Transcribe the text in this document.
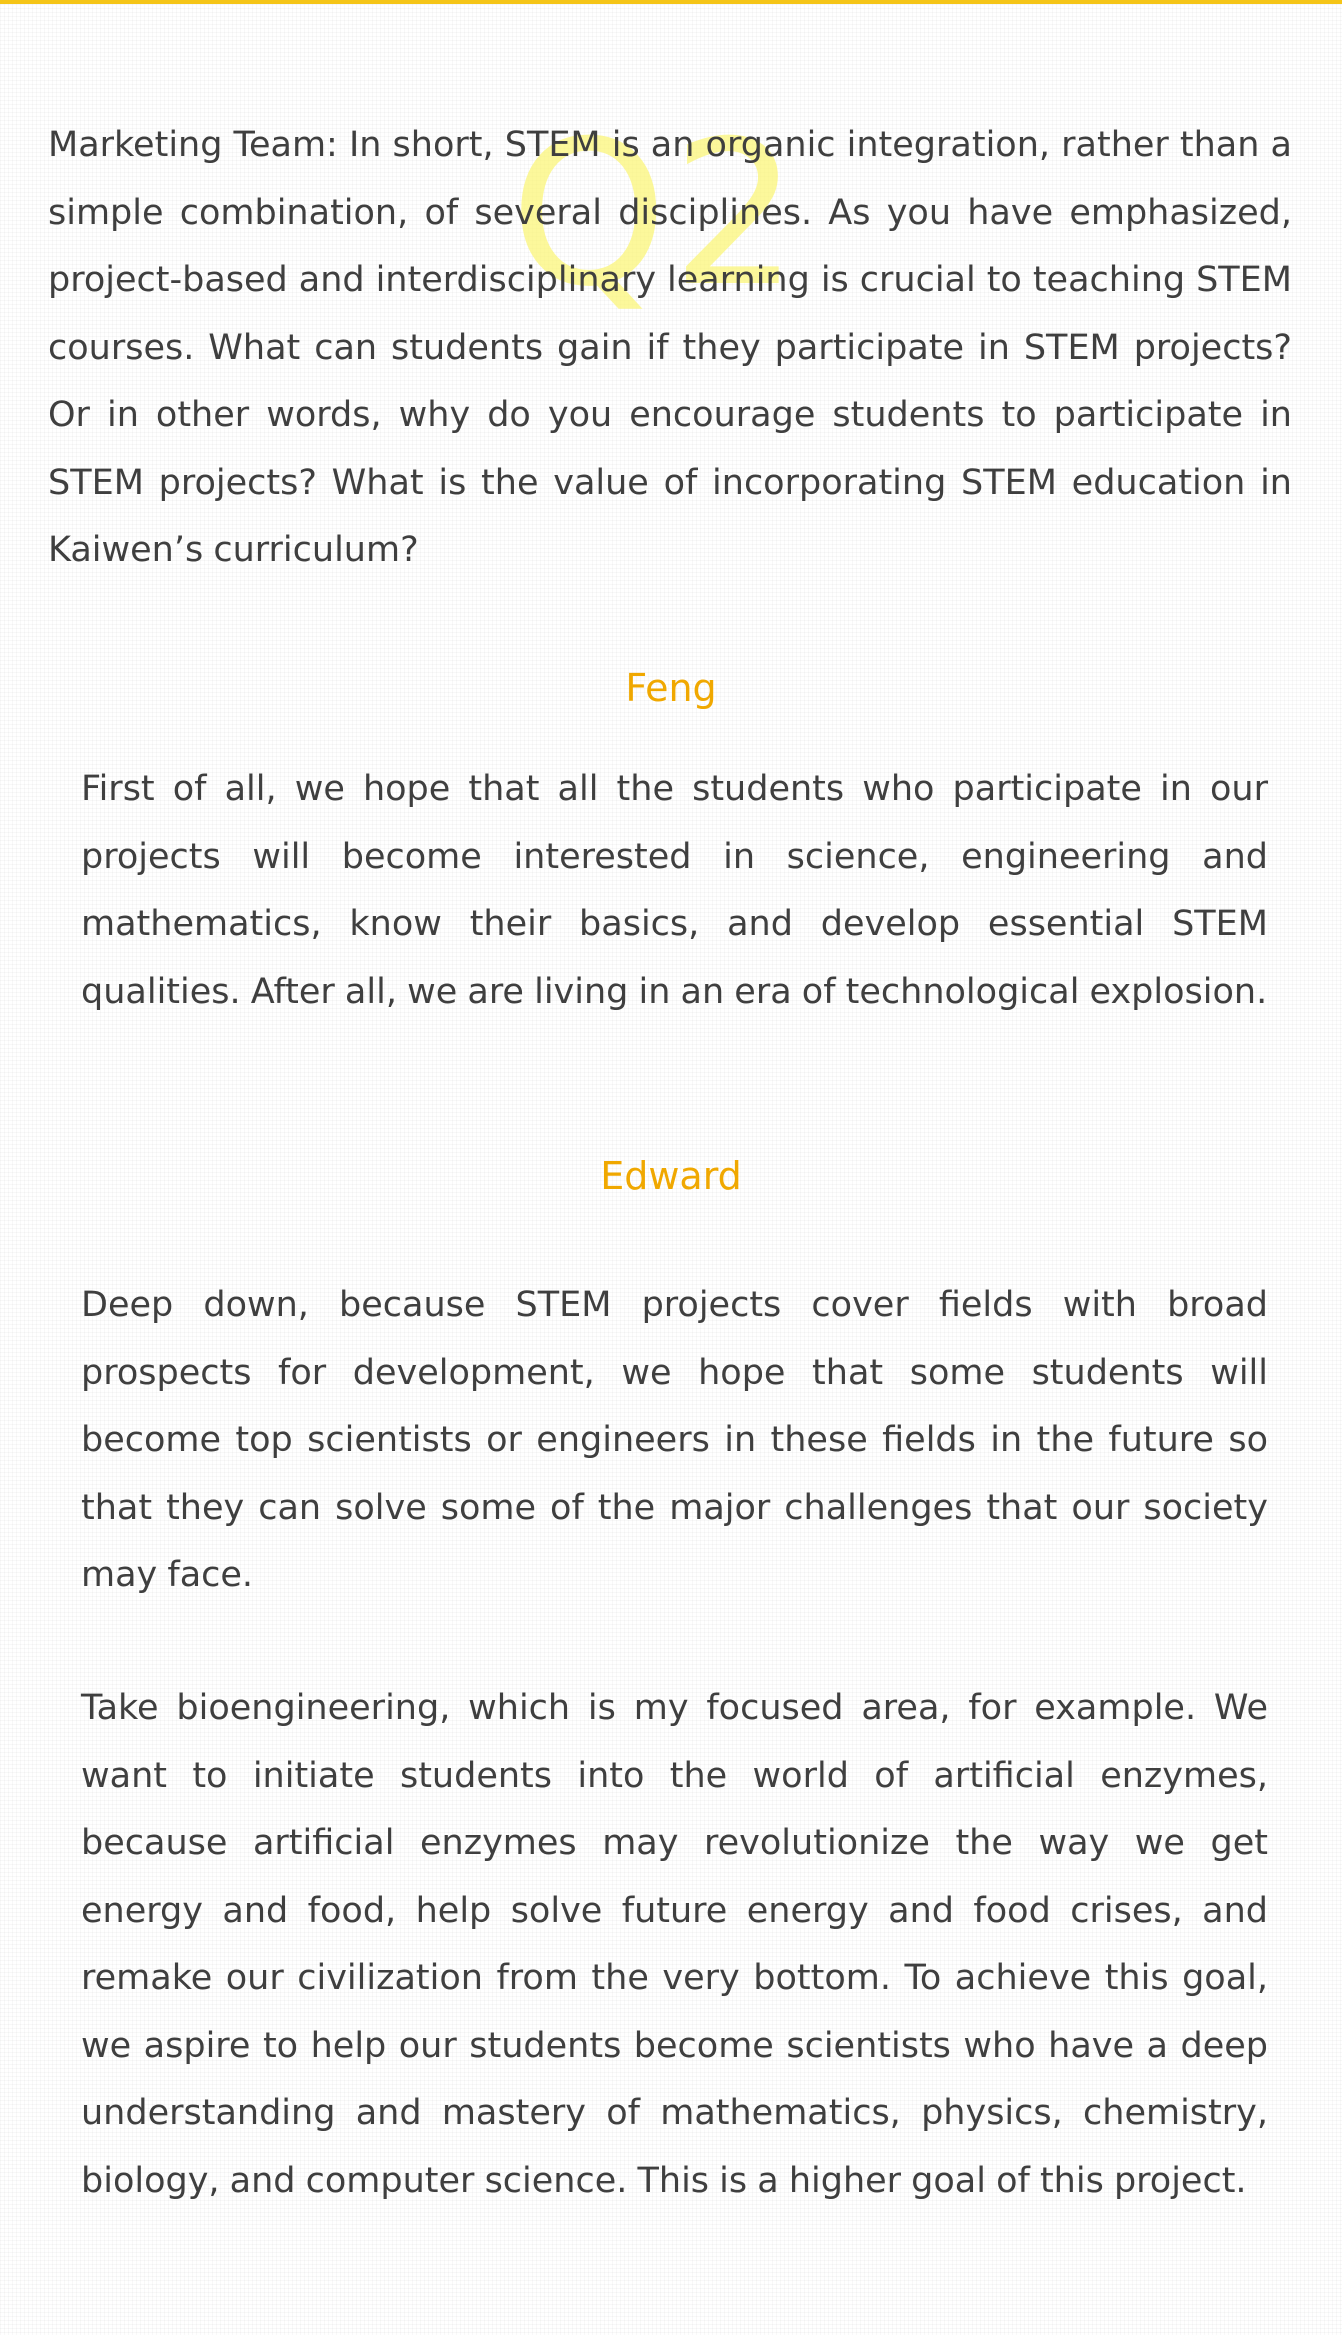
Q2

Marketing Team: In short, STEM is an organic integration, rather than a simple combination, of several disciplines. As you have emphasized, project-based and interdisciplinary learning is crucial to teaching STEM courses. What can students gain if they participate in STEM projects? Or in other words, why do you encourage students to participate in STEM projects? What is the value of incorporating STEM education in Kaiwen’s curriculum?

Feng

First of all, we hope that all the students who participate in our projects will become interested in science, engineering and mathematics, know their basics, and develop essential STEM qualities. After all, we are living in an era of technological explosion.

Edward

Deep down, because STEM projects cover fields with broad prospects for development, we hope that some students will become top scientists or engineers in these fields in the future so that they can solve some of the major challenges that our society may face.

Take bioengineering, which is my focused area, for example. We want to initiate students into the world of artificial enzymes, because artificial enzymes may revolutionize the way we get energy and food, help solve future energy and food crises, and remake our civilization from the very bottom. To achieve this goal, we aspire to help our students become scientists who have a deep understanding and mastery of mathematics, physics, chemistry, biology, and computer science. This is a higher goal of this project.
